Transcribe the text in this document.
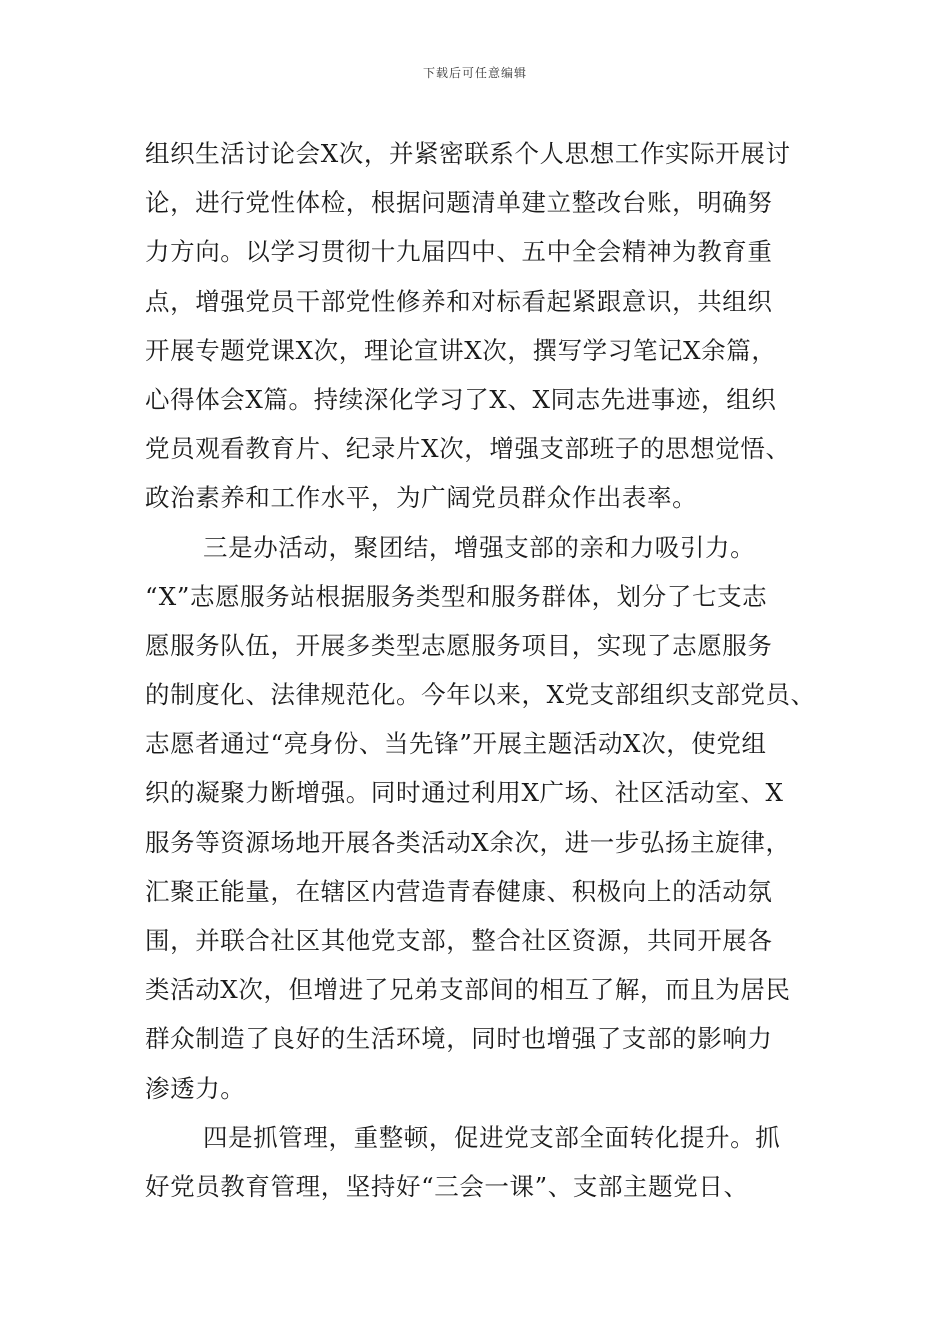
下载后可任意编辑
组织生活讨论会X次，并紧密联系个人思想工作实际开展讨
论，进行党性体检，根据问题清单建立整改台账，明确努
力方向。以学习贯彻十九届四中、五中全会精神为教育重
点，增强党员干部党性修养和对标看起紧跟意识，共组织
开展专题党课X次，理论宣讲X次，撰写学习笔记X余篇，
心得体会X篇。持续深化学习了X、X同志先进事迹，组织
党员观看教育片、纪录片X次，增强支部班子的思想觉悟、
政治素养和工作水平，为广阔党员群众作出表率。
三是办活动，聚团结，增强支部的亲和力吸引力。
“X”志愿服务站根据服务类型和服务群体，划分了七支志
愿服务队伍，开展多类型志愿服务项目，实现了志愿服务
的制度化、法律规范化。今年以来，X党支部组织支部党员、
志愿者通过“亮身份、当先锋”开展主题活动X次，使党组
织的凝聚力断增强。同时通过利用X广场、社区活动室、X
服务等资源场地开展各类活动X余次，进一步弘扬主旋律，
汇聚正能量，在辖区内营造青春健康、积极向上的活动氛
围，并联合社区其他党支部，整合社区资源，共同开展各
类活动X次，但增进了兄弟支部间的相互了解，而且为居民
群众制造了良好的生活环境，同时也增强了支部的影响力
渗透力。
四是抓管理，重整顿，促进党支部全面转化提升。抓
好党员教育管理，坚持好“三会一课”、支部主题党日、
